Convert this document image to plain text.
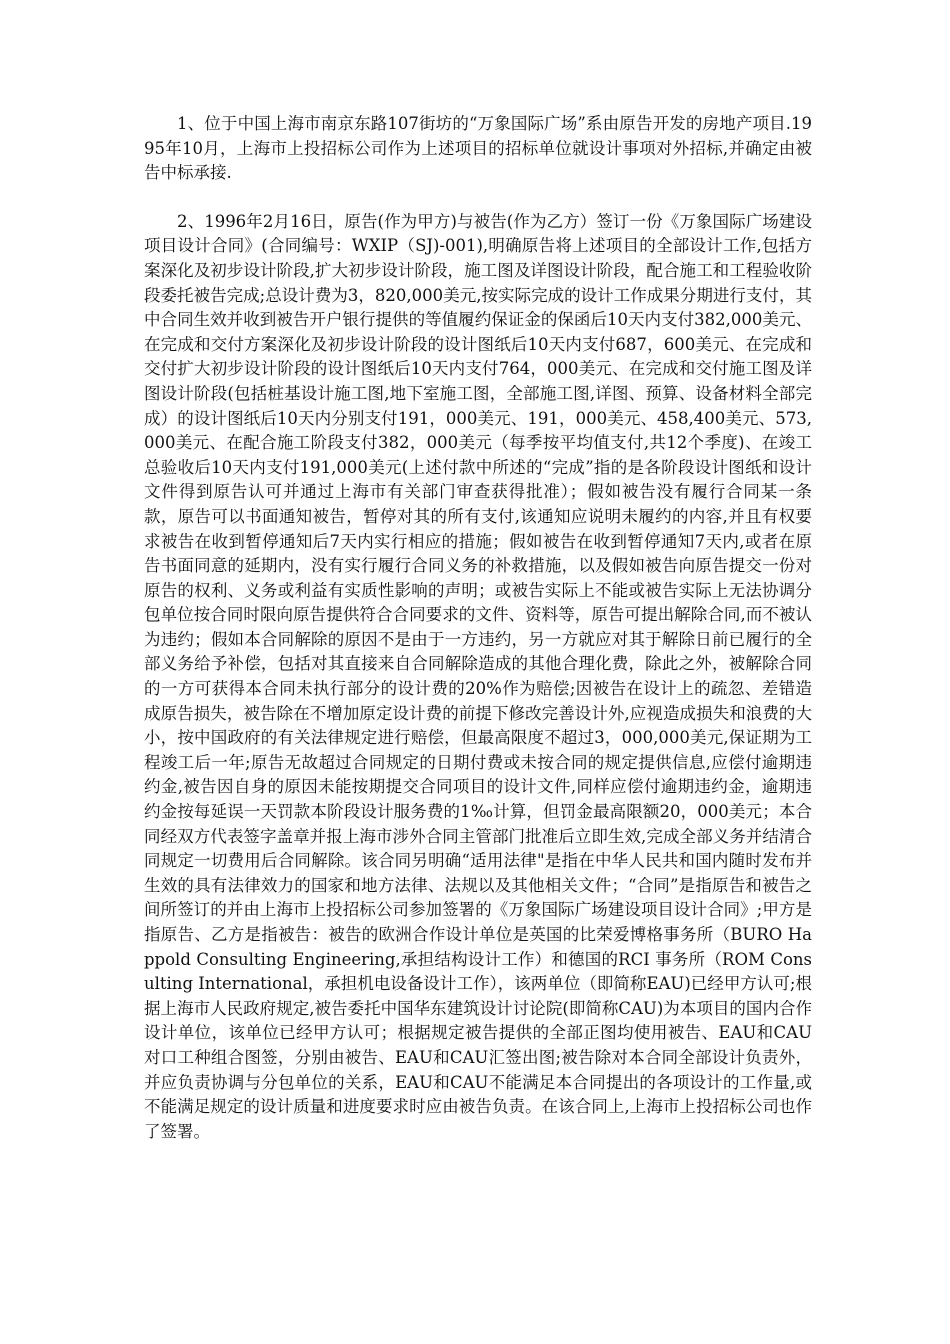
1、位于中国上海市南京东路107街坊的“万象国际广场”系由原告开发的房地产项目.1995年10月，上海市上投招标公司作为上述项目的招标单位就设计事项对外招标,并确定由被告中标承接.

2、1996年2月16日，原告(作为甲方)与被告(作为乙方）签订一份《万象国际广场建设项目设计合同》(合同编号：WXIP（SJ)-001),明确原告将上述项目的全部设计工作,包括方案深化及初步设计阶段,扩大初步设计阶段，施工图及详图设计阶段，配合施工和工程验收阶段委托被告完成;总设计费为3，820,000美元,按实际完成的设计工作成果分期进行支付，其中合同生效并收到被告开户银行提供的等值履约保证金的保函后10天内支付382,000美元、在完成和交付方案深化及初步设计阶段的设计图纸后10天内支付687，600美元、在完成和交付扩大初步设计阶段的设计图纸后10天内支付764，000美元、在完成和交付施工图及详图设计阶段(包括桩基设计施工图,地下室施工图，全部施工图,详图、预算、设备材料全部完成）的设计图纸后10天内分别支付191，000美元、191，000美元、458,400美元、573,000美元、在配合施工阶段支付382，000美元（每季按平均值支付,共12个季度)、在竣工总验收后10天内支付191,000美元(上述付款中所述的“完成”指的是各阶段设计图纸和设计文件得到原告认可并通过上海市有关部门审查获得批准）；假如被告没有履行合同某一条款，原告可以书面通知被告，暂停对其的所有支付,该通知应说明未履约的内容,并且有权要求被告在收到暂停通知后7天内实行相应的措施；假如被告在收到暂停通知7天内,或者在原告书面同意的延期内，没有实行履行合同义务的补救措施，以及假如被告向原告提交一份对原告的权利、义务或利益有实质性影响的声明；或被告实际上不能或被告实际上无法协调分包单位按合同时限向原告提供符合合同要求的文件、资料等，原告可提出解除合同,而不被认为违约；假如本合同解除的原因不是由于一方违约，另一方就应对其于解除日前已履行的全部义务给予补偿，包括对其直接来自合同解除造成的其他合理化费，除此之外，被解除合同的一方可获得本合同未执行部分的设计费的20%作为赔偿;因被告在设计上的疏忽、差错造成原告损失，被告除在不增加原定设计费的前提下修改完善设计外,应视造成损失和浪费的大小，按中国政府的有关法律规定进行赔偿，但最高限度不超过3，000,000美元,保证期为工程竣工后一年;原告无故超过合同规定的日期付费或未按合同的规定提供信息,应偿付逾期违约金,被告因自身的原因未能按期提交合同项目的设计文件,同样应偿付逾期违约金，逾期违约金按每延误一天罚款本阶段设计服务费的1‰计算，但罚金最高限额20，000美元；本合同经双方代表签字盖章并报上海市涉外合同主管部门批准后立即生效,完成全部义务并结清合同规定一切费用后合同解除。该合同另明确“适用法律"是指在中华人民共和国内随时发布并生效的具有法律效力的国家和地方法律、法规以及其他相关文件；“合同”是指原告和被告之间所签订的并由上海市上投招标公司参加签署的《万象国际广场建设项目设计合同》;甲方是指原告、乙方是指被告：被告的欧洲合作设计单位是英国的比荣爱博格事务所（BURO Happold Consulting Engineering,承担结构设计工作）和德国的RCI 事务所（ROM Consulting International，承担机电设备设计工作），该两单位（即简称EAU)已经甲方认可;根据上海市人民政府规定,被告委托中国华东建筑设计讨论院(即简称CAU)为本项目的国内合作设计单位，该单位已经甲方认可；根据规定被告提供的全部正图均使用被告、EAU和CAU对口工种组合图签，分别由被告、EAU和CAU汇签出图;被告除对本合同全部设计负责外，并应负责协调与分包单位的关系，EAU和CAU不能满足本合同提出的各项设计的工作量,或不能满足规定的设计质量和进度要求时应由被告负责。在该合同上,上海市上投招标公司也作了签署。
